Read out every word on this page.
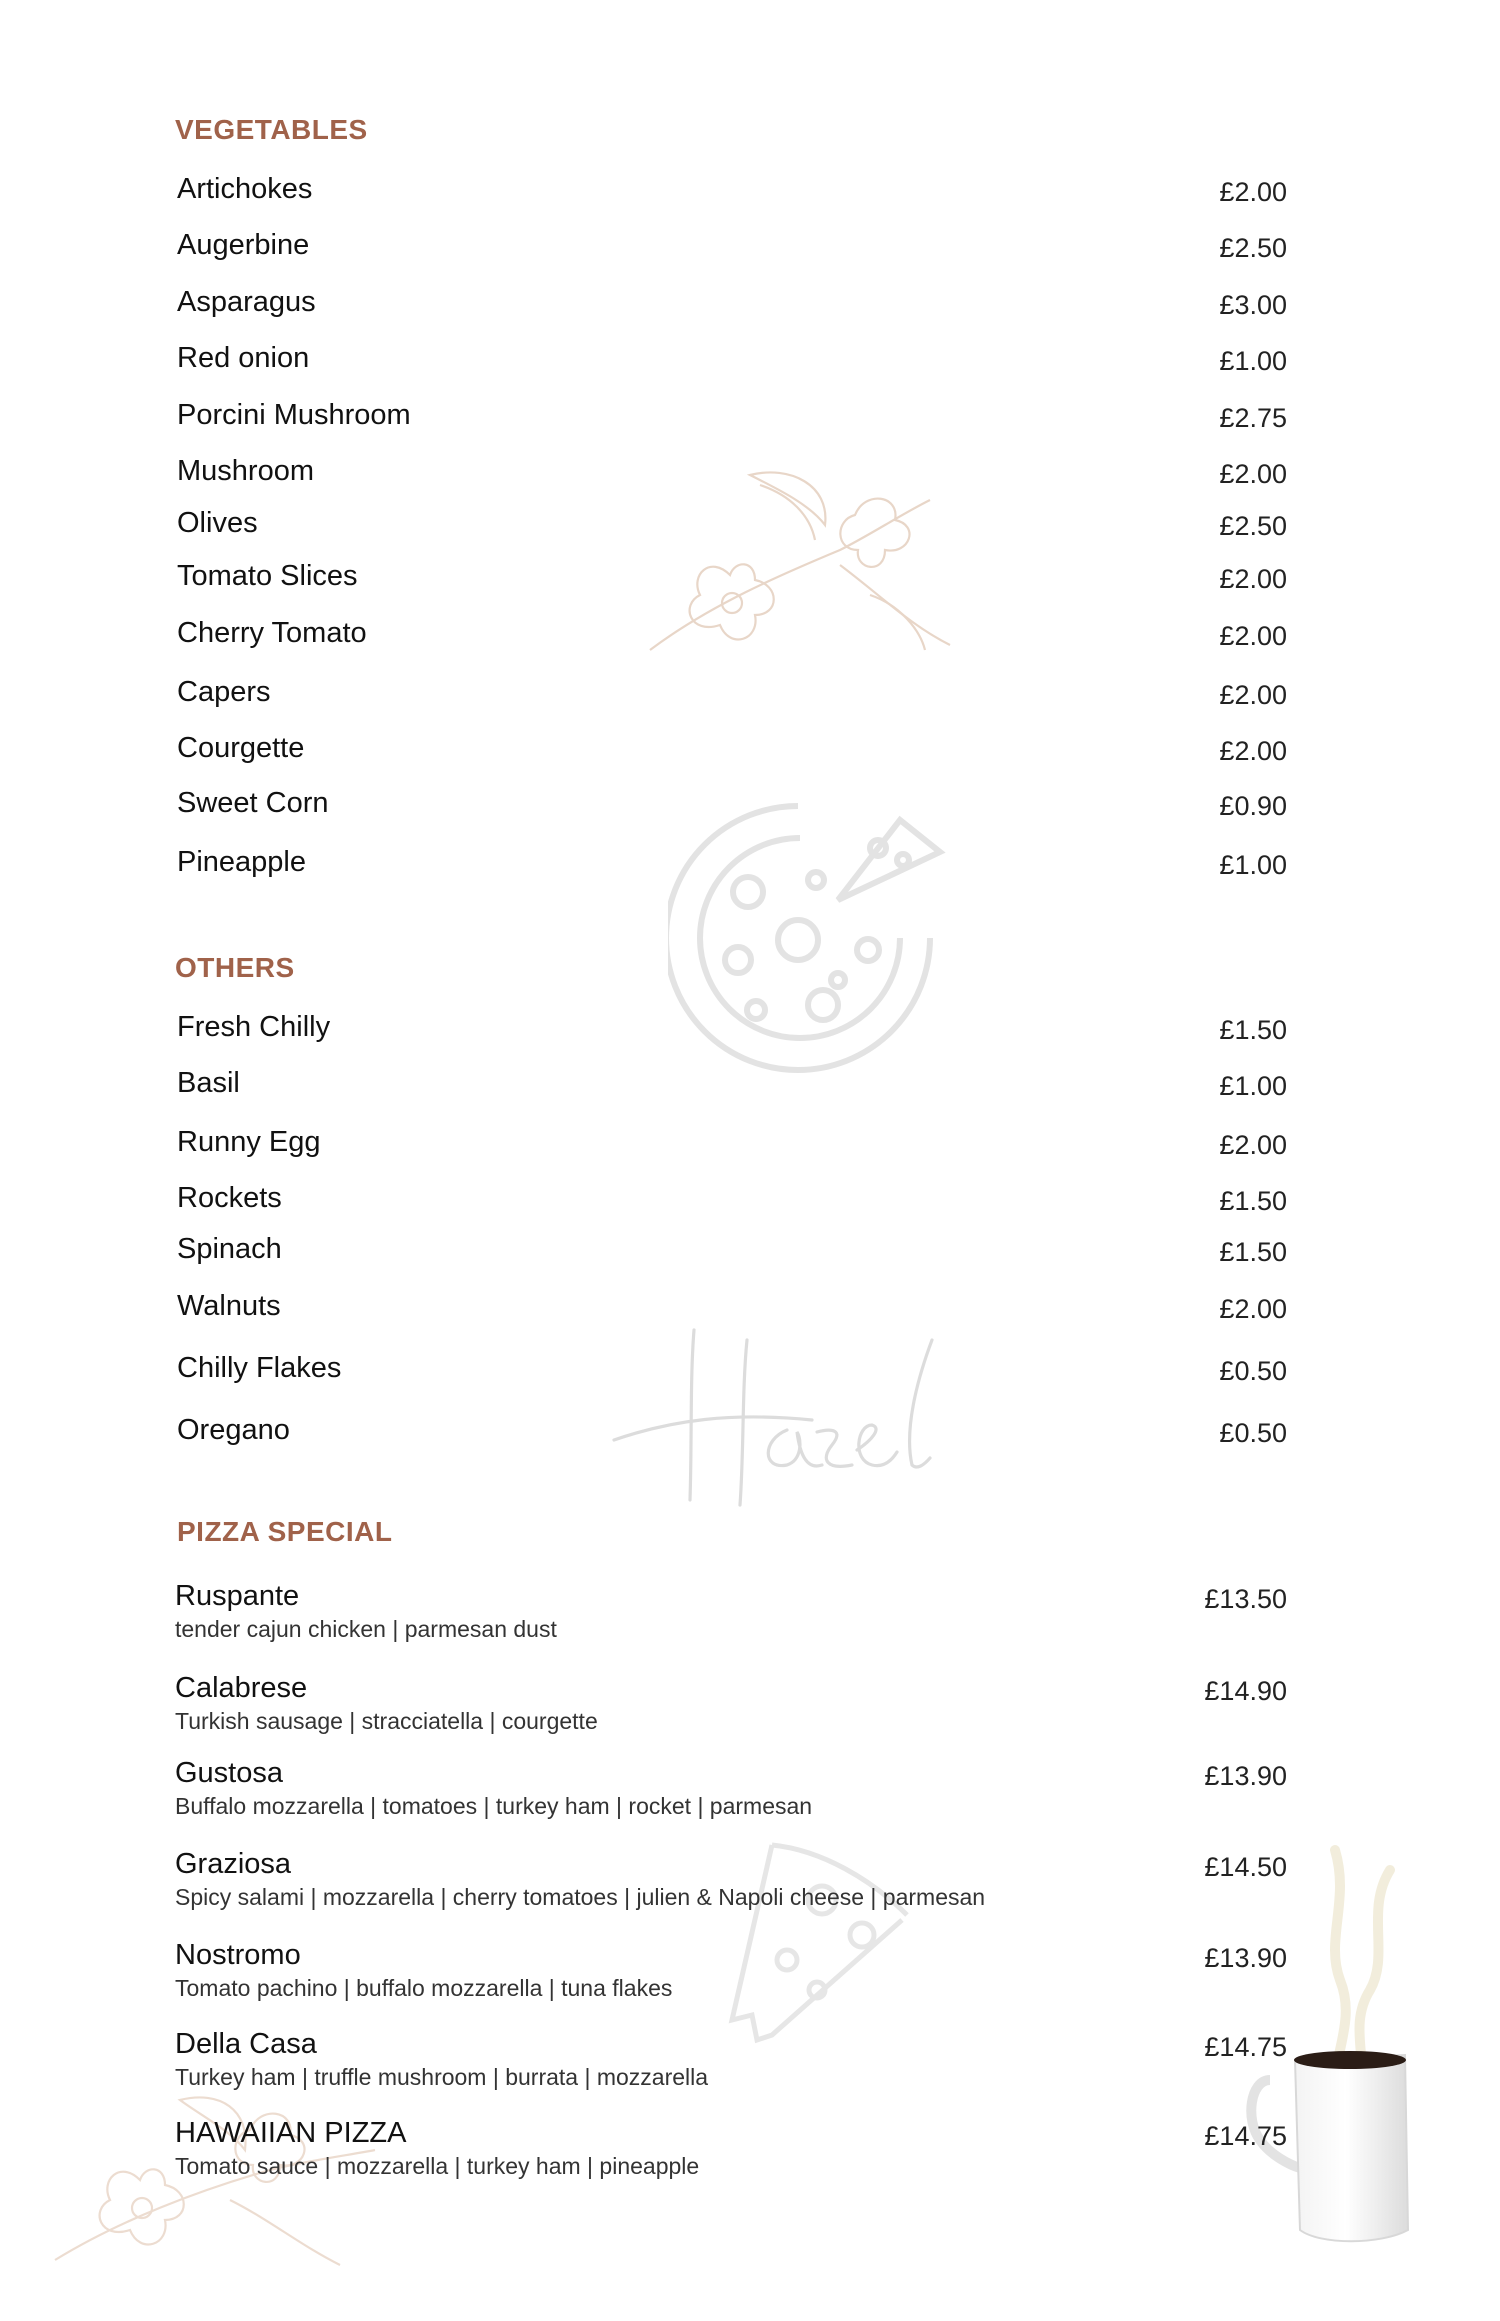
VEGETABLES
Artichokes	£2.00
Augerbine	£2.50
Asparagus	£3.00
Red onion	£1.00
Porcini Mushroom	£2.75
Mushroom	£2.00
Olives	£2.50
Tomato Slices	£2.00
Cherry Tomato	£2.00
Capers	£2.00
Courgette	£2.00
Sweet Corn	£0.90
Pineapple	£1.00
OTHERS
Fresh Chilly	£1.50
Basil	£1.00
Runny Egg	£2.00
Rockets	£1.50
Spinach	£1.50
Walnuts	£2.00
Chilly Flakes	£0.50
Oregano	£0.50
PIZZA SPECIAL
Ruspante
tender cajun chicken | parmesan dust
£13.50
Calabrese
Turkish sausage | stracciatella | courgette
£14.90
Gustosa
Buffalo mozzarella | tomatoes | turkey ham | rocket | parmesan
£13.90
Graziosa
Spicy salami | mozzarella | cherry tomatoes | julien & Napoli cheese | parmesan
£14.50
Nostromo
Tomato pachino | buffalo mozzarella | tuna flakes
£13.90
Della Casa
Turkey ham | truffle mushroom | burrata | mozzarella
£14.75
HAWAIIAN PIZZA
Tomato sauce | mozzarella | turkey ham | pineapple
£14.75
